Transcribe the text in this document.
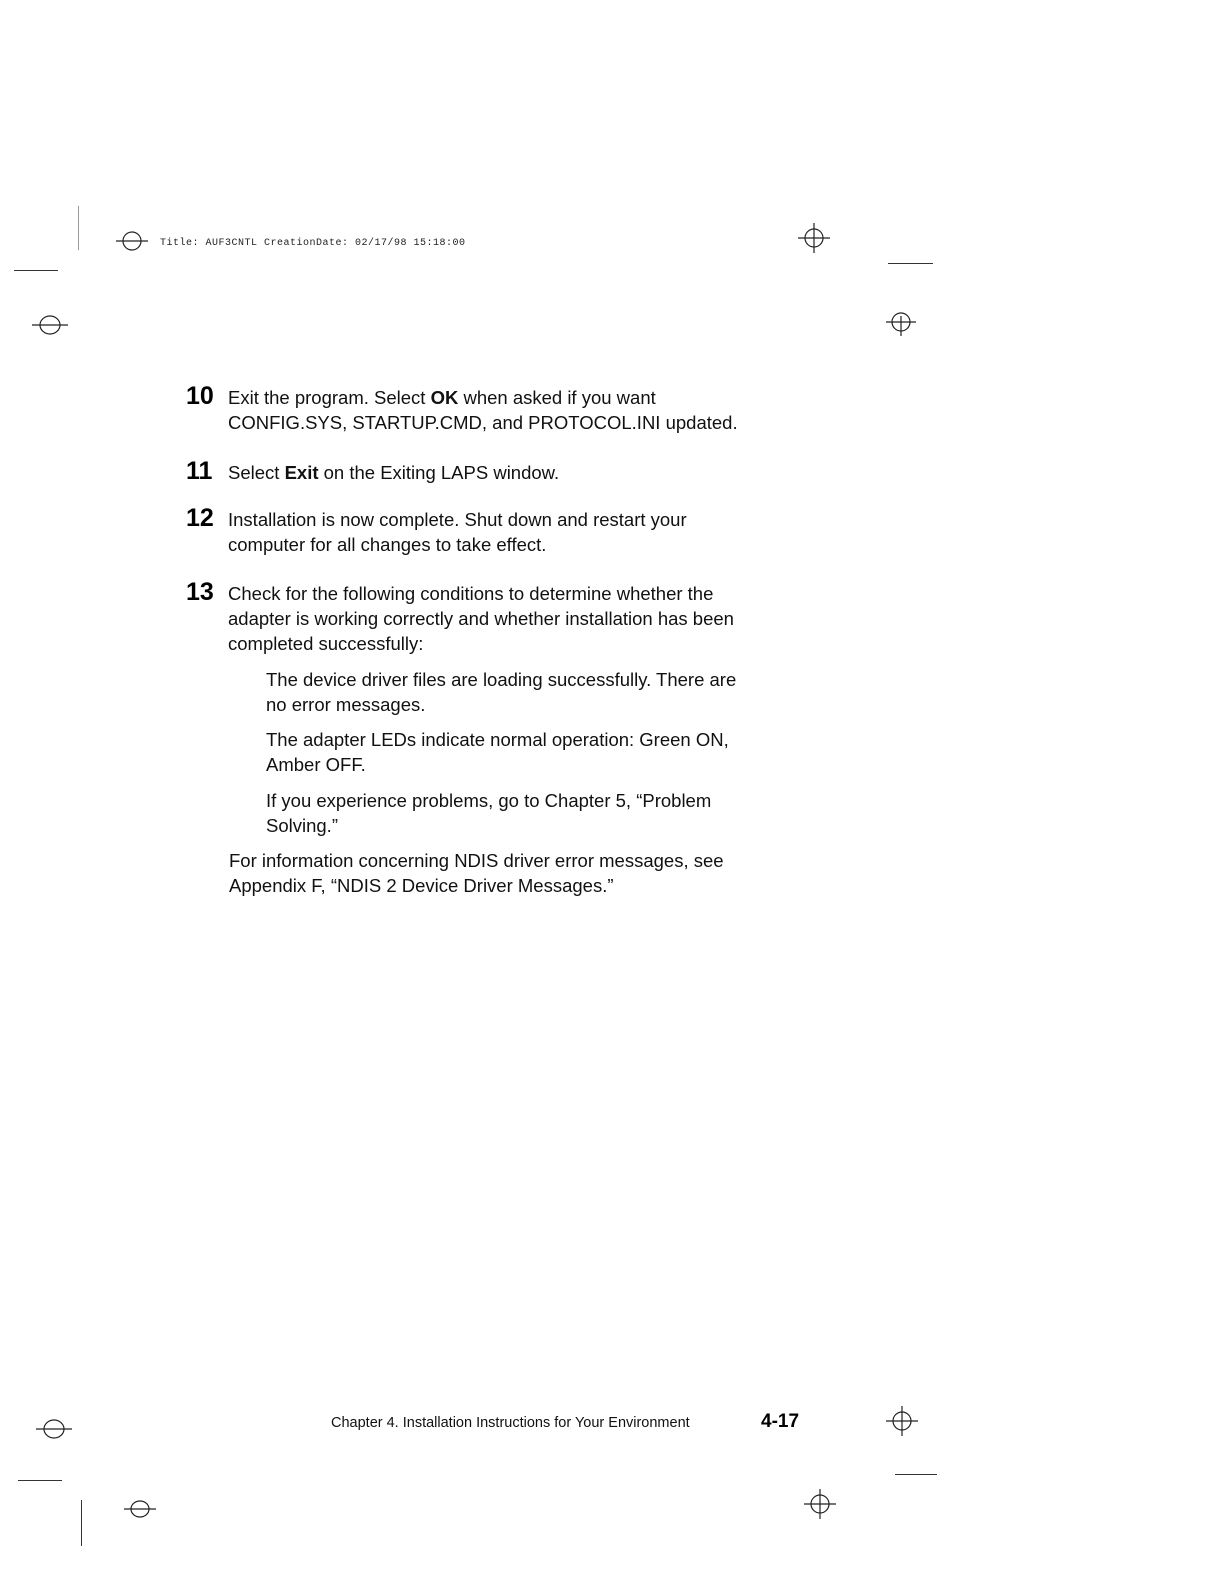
Title: AUF3CNTL CreationDate: 02/17/98 15:18:00
10 Exit the program. Select OK when asked if you want
CONFIG.SYS, STARTUP.CMD, and PROTOCOL.INI updated.
11 Select Exit on the Exiting LAPS window.
12 Installation is now complete. Shut down and restart your
computer for all changes to take effect.
13 Check for the following conditions to determine whether the
adapter is working correctly and whether installation has been
completed successfully:
The device driver files are loading successfully. There are
no error messages.
The adapter LEDs indicate normal operation: Green ON,
Amber OFF.
If you experience problems, go to Chapter 5, “Problem
Solving.”
For information concerning NDIS driver error messages, see
Appendix F, “NDIS 2 Device Driver Messages.”
Chapter 4. Installation Instructions for Your Environment	4-17
